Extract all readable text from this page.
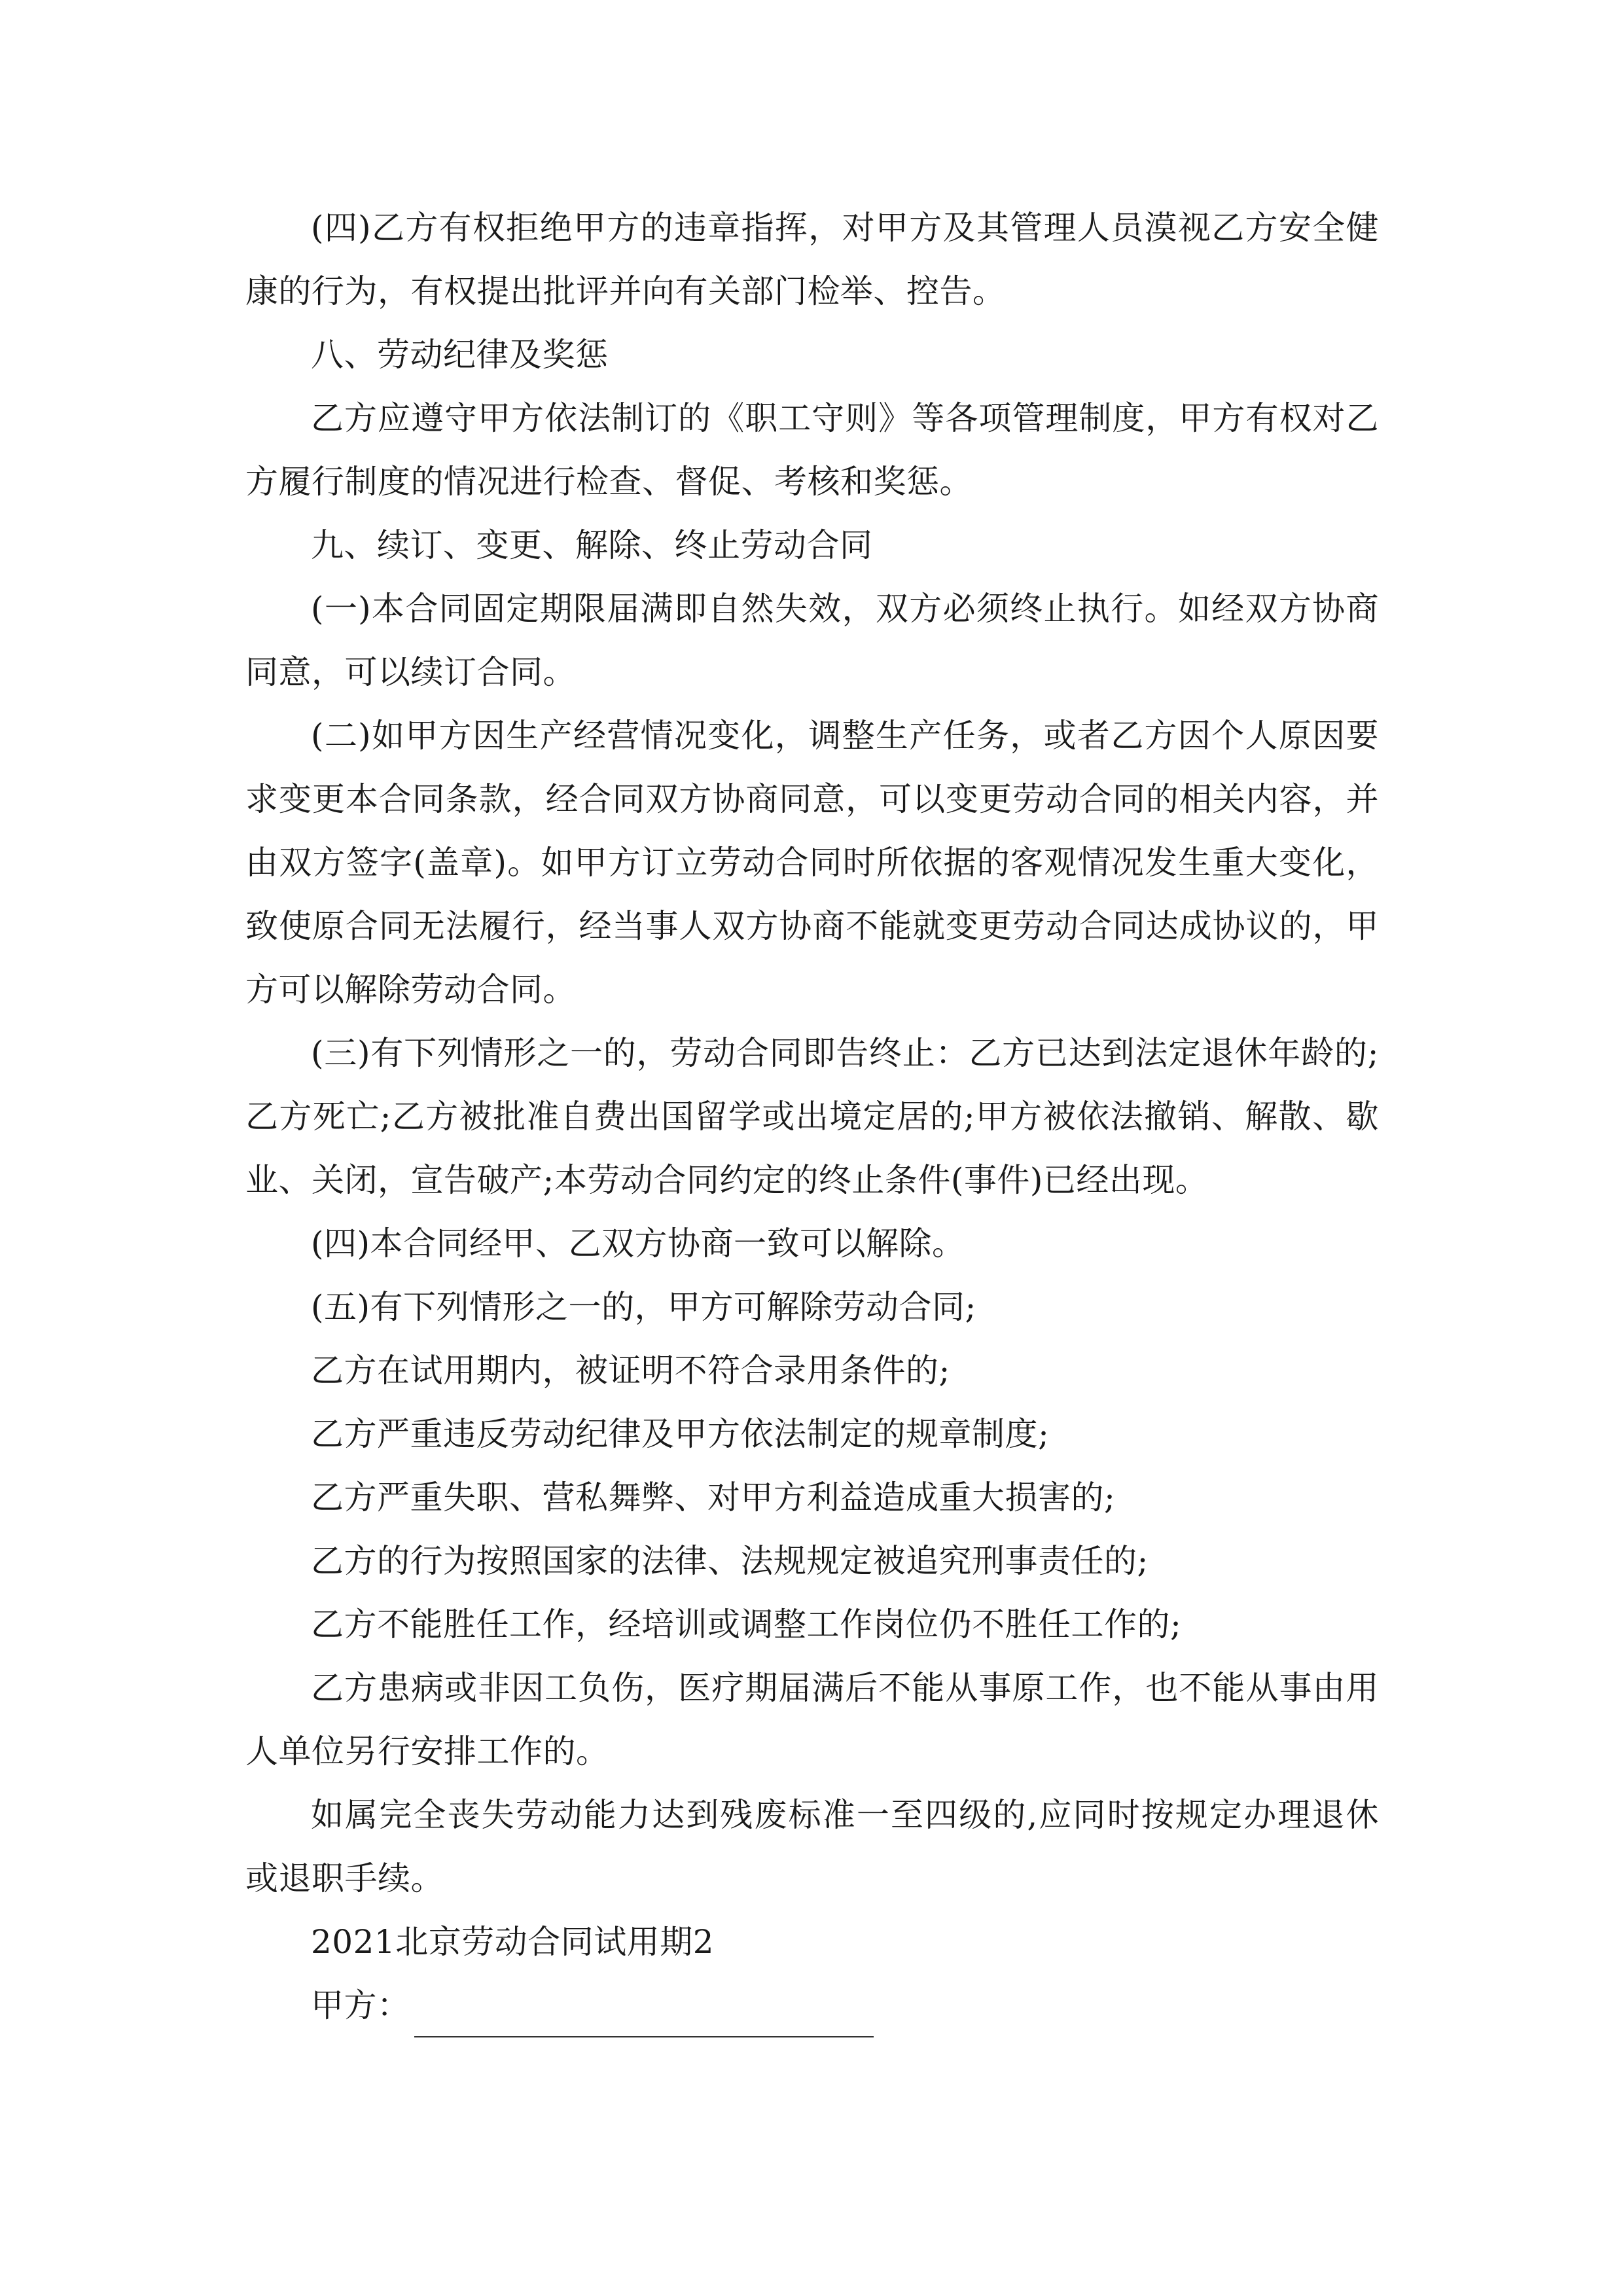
(四)乙方有权拒绝甲方的违章指挥，对甲方及其管理人员漠视乙方安全健康的行为，有权提出批评并向有关部门检举、控告。

八、劳动纪律及奖惩

乙方应遵守甲方依法制订的《职工守则》等各项管理制度，甲方有权对乙方履行制度的情况进行检查、督促、考核和奖惩。

九、续订、变更、解除、终止劳动合同

(一)本合同固定期限届满即自然失效，双方必须终止执行。如经双方协商同意，可以续订合同。

(二)如甲方因生产经营情况变化，调整生产任务，或者乙方因个人原因要求变更本合同条款，经合同双方协商同意，可以变更劳动合同的相关内容，并由双方签字(盖章)。如甲方订立劳动合同时所依据的客观情况发生重大变化，致使原合同无法履行，经当事人双方协商不能就变更劳动合同达成协议的，甲方可以解除劳动合同。

(三)有下列情形之一的，劳动合同即告终止：乙方已达到法定退休年龄的;乙方死亡;乙方被批准自费出国留学或出境定居的;甲方被依法撤销、解散、歇业、关闭，宣告破产;本劳动合同约定的终止条件(事件)已经出现。

(四)本合同经甲、乙双方协商一致可以解除。

(五)有下列情形之一的，甲方可解除劳动合同;

乙方在试用期内，被证明不符合录用条件的;

乙方严重违反劳动纪律及甲方依法制定的规章制度;

乙方严重失职、营私舞弊、对甲方利益造成重大损害的;

乙方的行为按照国家的法律、法规规定被追究刑事责任的;

乙方不能胜任工作，经培训或调整工作岗位仍不胜任工作的;

乙方患病或非因工负伤，医疗期届满后不能从事原工作，也不能从事由用人单位另行安排工作的。

如属完全丧失劳动能力达到残废标准一至四级的,应同时按规定办理退休或退职手续。

2021北京劳动合同试用期2

甲方：
